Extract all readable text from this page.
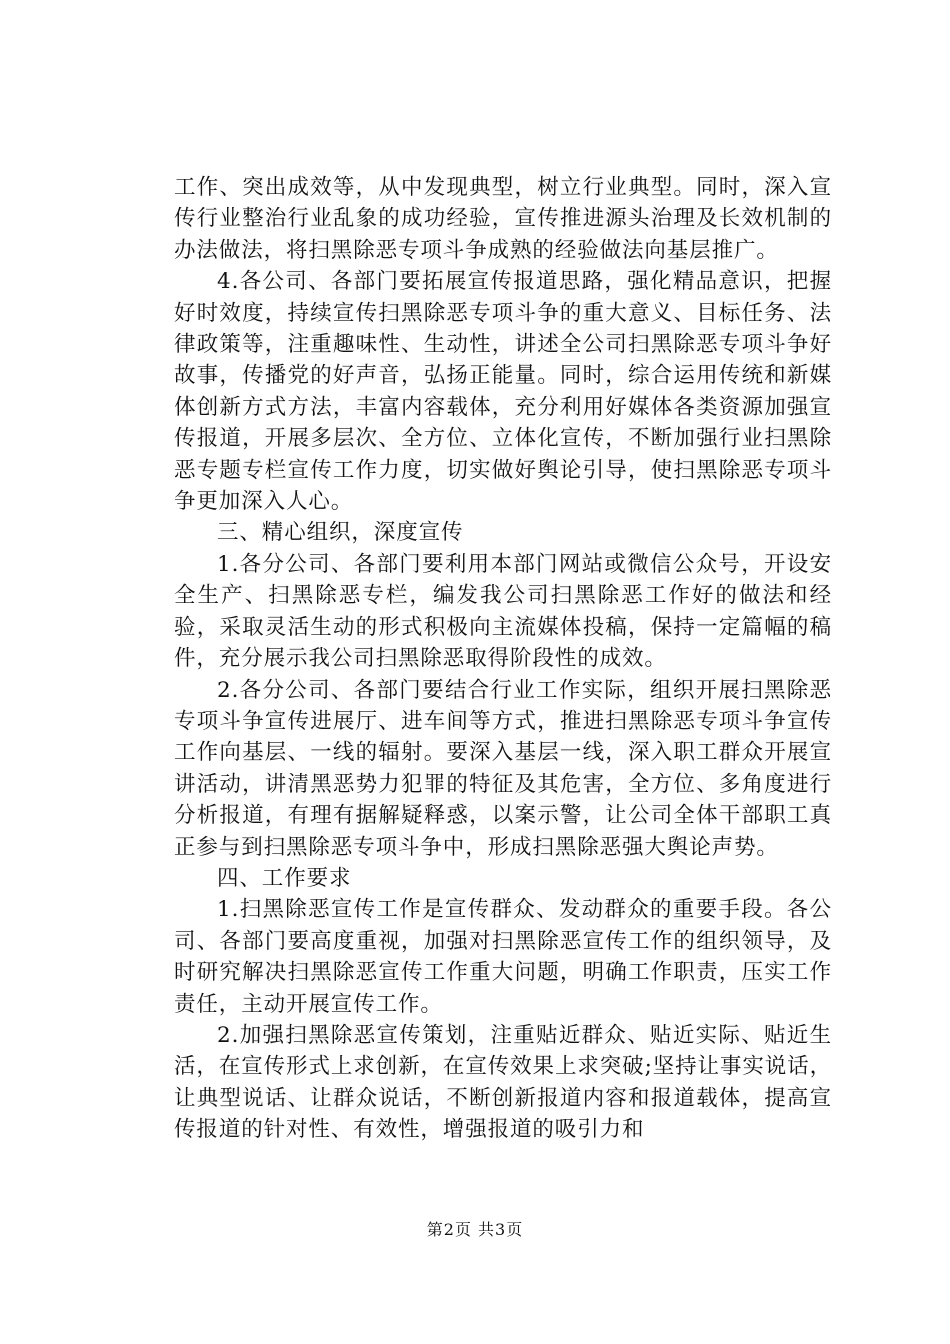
工作、突出成效等，从中发现典型，树立行业典型。同时，深入宣传行业整治行业乱象的成功经验，宣传推进源头治理及长效机制的办法做法，将扫黑除恶专项斗争成熟的经验做法向基层推广。

4.各公司、各部门要拓展宣传报道思路，强化精品意识，把握好时效度，持续宣传扫黑除恶专项斗争的重大意义、目标任务、法律政策等，注重趣味性、生动性，讲述全公司扫黑除恶专项斗争好故事，传播党的好声音，弘扬正能量。同时，综合运用传统和新媒体创新方式方法，丰富内容载体，充分利用好媒体各类资源加强宣传报道，开展多层次、全方位、立体化宣传，不断加强行业扫黑除恶专题专栏宣传工作力度，切实做好舆论引导，使扫黑除恶专项斗争更加深入人心。

三、精心组织，深度宣传

1.各分公司、各部门要利用本部门网站或微信公众号，开设安全生产、扫黑除恶专栏，编发我公司扫黑除恶工作好的做法和经验，采取灵活生动的形式积极向主流媒体投稿，保持一定篇幅的稿件，充分展示我公司扫黑除恶取得阶段性的成效。

2.各分公司、各部门要结合行业工作实际，组织开展扫黑除恶专项斗争宣传进展厅、进车间等方式，推进扫黑除恶专项斗争宣传工作向基层、一线的辐射。要深入基层一线，深入职工群众开展宣讲活动，讲清黑恶势力犯罪的特征及其危害，全方位、多角度进行分析报道，有理有据解疑释惑，以案示警，让公司全体干部职工真正参与到扫黑除恶专项斗争中，形成扫黑除恶强大舆论声势。

四、工作要求

1.扫黑除恶宣传工作是宣传群众、发动群众的重要手段。各公司、各部门要高度重视，加强对扫黑除恶宣传工作的组织领导，及时研究解决扫黑除恶宣传工作重大问题，明确工作职责，压实工作责任，主动开展宣传工作。

2.加强扫黑除恶宣传策划，注重贴近群众、贴近实际、贴近生活，在宣传形式上求创新，在宣传效果上求突破;坚持让事实说话，让典型说话、让群众说话，不断创新报道内容和报道载体，提高宣传报道的针对性、有效性，增强报道的吸引力和

第2页 共3页
